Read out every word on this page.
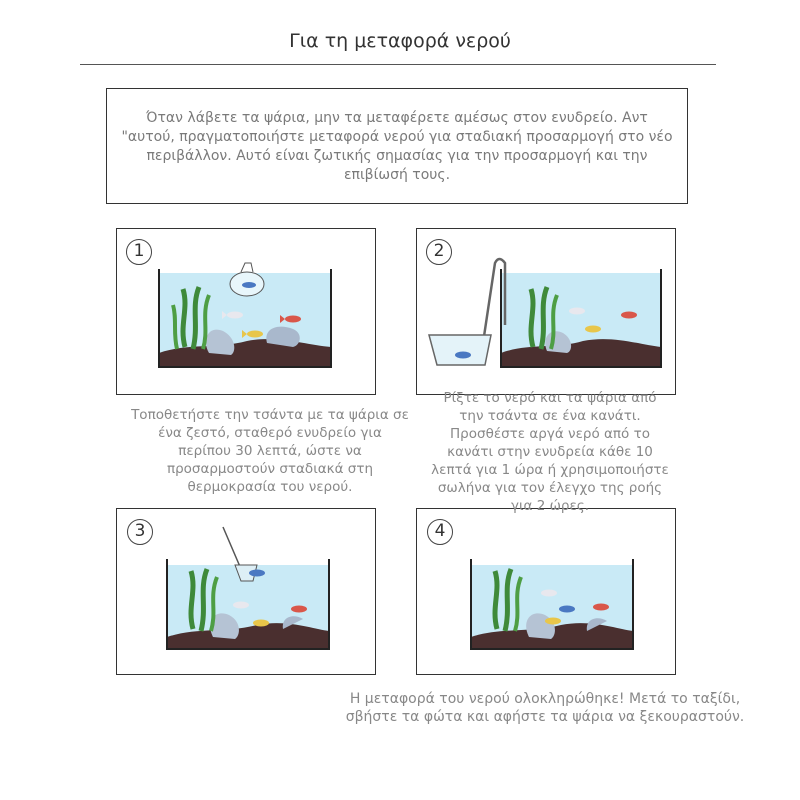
Για τη μεταφορά νερού
Όταν λάβετε τα ψάρια, μην τα μεταφέρετε αμέσως στον ενυδρείο. Αντ "αυτού, πραγματοποιήστε μεταφορά νερού για σταδιακή προσαρμογή στο νέο περιβάλλον. Αυτό είναι ζωτικής σημασίας για την προσαρμογή και την επιβίωσή τους.
1	2
3	4
Τοποθετήστε την τσάντα με τα ψάρια σε ένα ζεστό, σταθερό ενυδρείο για περίπου 30 λεπτά, ώστε να προσαρμοστούν σταδιακά στη θερμοκρασία του νερού.
Ρίξτε το νερό και τα ψάρια από την τσάντα σε ένα κανάτι. Προσθέστε αργά νερό από το κανάτι στην ενυδρεία κάθε 10 λεπτά για 1 ώρα ή χρησιμοποιήστε σωλήνα για τον έλεγχο της ροής για 2 ώρες.
Η μεταφορά του νερού ολοκληρώθηκε! Μετά το ταξίδι, σβήστε τα φώτα και αφήστε τα ψάρια να ξεκουραστούν.
